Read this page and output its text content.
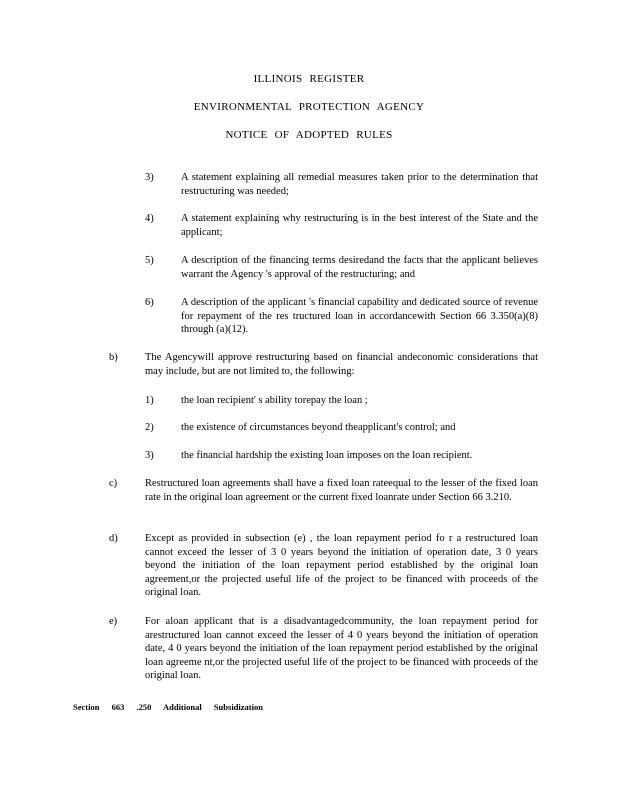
ILLINOIS REGISTER
ENVIRONMENTAL PROTECTION AGENCY
NOTICE OF ADOPTED RULES
3)	A statement explaining all remedial measures taken prior to the determination that restructuring was needed;
4)	A statement explaining why restructuring is in the best interest of the State and the applicant;
5)	A description of the financing terms desiredand the facts that the applicant believes warrant the Agency 's approval of the restructuring; and
6)	A description of the applicant 's financial capability and dedicated source of revenue for repayment of the res tructured loan in accordancewith Section 66 3.350(a)(8) through (a)(12).
b)	The Agencywill approve restructuring based on financial andeconomic considerations that may include, but are not limited to, the following:
1)	the loan recipient' s ability torepay the loan ;
2)	the existence of circumstances beyond theapplicant's control; and
3)	the financial hardship the existing loan imposes on the loan recipient.
c)	Restructured loan agreements shall have a fixed loan rateequal to the lesser of the fixed loan rate in the original loan agreement or the current fixed loanrate under Section 66 3.210.
d)	Except as provided in subsection (e) , the loan repayment period fo r a restructured loan cannot exceed the lesser of 3 0 years beyond the initiation of operation date, 3 0 years beyond the initiation of the loan repayment period established by the original loan agreement,or the projected useful life of the project to be financed with proceeds of the original loan.
e)	For aloan applicant that is a disadvantagedcommunity, the loan repayment period for arestructured loan cannot exceed the lesser of 4 0 years beyond the initiation of operation date, 4 0 years beyond the initiation of the loan repayment period established by the original loan agreeme nt,or the projected useful life of the project to be financed with proceeds of the original loan.
Section 663 .250 Additional Subsidization
